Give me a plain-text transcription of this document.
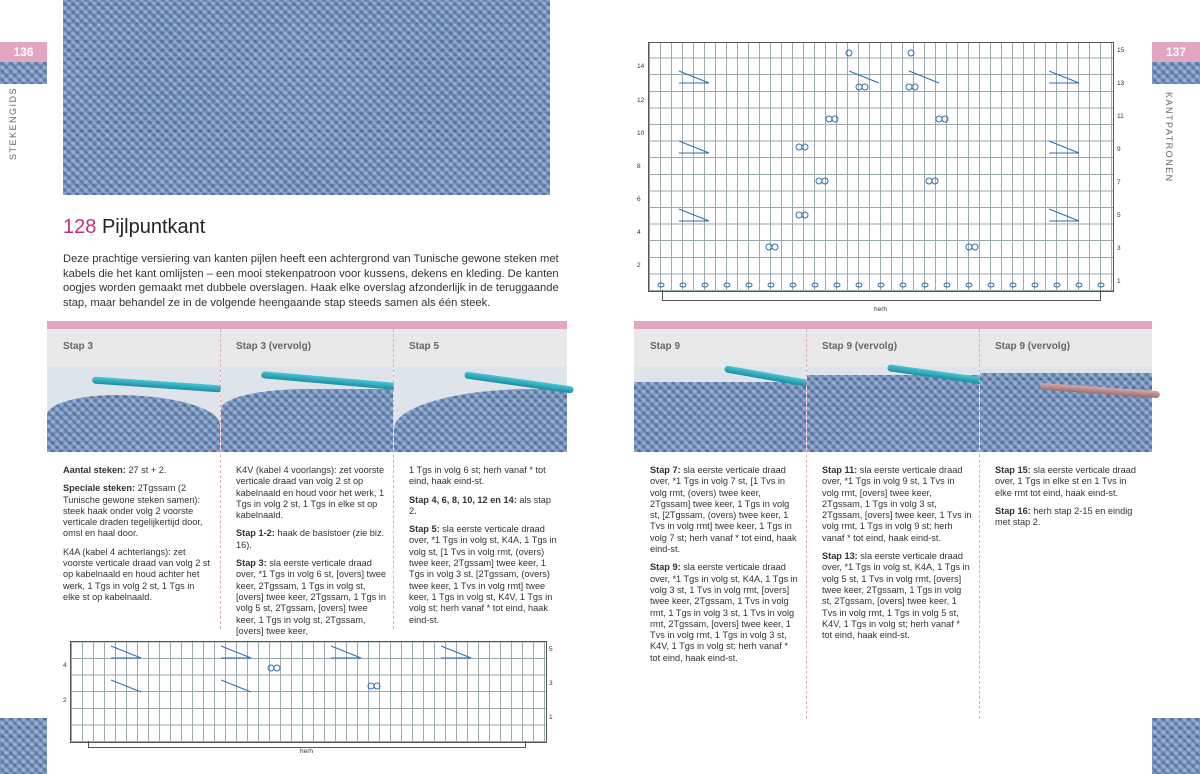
136
STEKENGIDS
128 Pijlpuntkant
Deze prachtige versiering van kanten pijlen heeft een achtergrond van Tunische gewone steken met kabels die het kant omlijsten – een mooi stekenpatroon voor kussens, dekens en kleding. De kanten oogjes worden gemaakt met dubbele overslagen. Haak elke overslag afzonderlijk in de teruggaande stap, maar behandel ze in de volgende heengaande stap steeds samen als één steek.
Stap 3	Stap 3 (vervolg)	Stap 5

Aantal steken: 27 st + 2.

Speciale steken: 2Tgssam (2 Tunische gewone steken samen): steek haak onder volg 2 voorste verticale draden tegelijkertijd door, omsl en haal door.

K4A (kabel 4 achterlangs): zet voorste verticale draad van volg 2 st op kabelnaald en houd achter het werk, 1 Tgs in volg 2 st, 1 Tgs in elke st op kabelnaald.

K4V (kabel 4 voorlangs): zet voorste verticale draad van volg 2 st op kabelnaald en houd voor het werk, 1 Tgs in volg 2 st, 1 Tgs in elke st op kabelnaald.

Stap 1-2: haak de basistoer (zie biz. 16).

Stap 3: sla eerste verticale draad over, *1 Tgs in volg 6 st, [overs] twee keer, 2Tgssam, 1 Tgs in volg st, [overs] twee keer, 2Tgssam, 1 Tgs in volg 5 st, 2Tgssam, [overs] twee keer, 1 Tgs in volg st, 2Tgssam, [overs] twee keer,

1 Tgs in volg 6 st; herh vanaf * tot eind, haak eind-st.

Stap 4, 6, 8, 10, 12 en 14: als stap 2.

Stap 5: sla eerste verticale draad over, *1 Tgs in volg st, K4A, 1 Tgs in volg st, [1 Tvs in volg rmt, (overs) twee keer, 2Tgssam] twee keer, 1 Tgs in volg 3 st, [2Tgssam, (overs) twee keer, 1 Tvs in volg rmt] twee keer, 1 Tgs in volg st, K4V, 1 Tgs in volg st; herh vanaf * tot eind, haak eind-st.

4
2
5
3
1
herh
14
12
10
8
6
4
2
15
13
11
9
7
5
3
1
herh
137
KANTPATRONEN
Stap 9	Stap 9 (vervolg)	Stap 9 (vervolg)

Stap 7: sla eerste verticale draad over, *1 Tgs in volg 7 st, [1 Tvs in volg rmt, (overs) twee keer, 2Tgssam] twee keer, 1 Tgs in volg st, [2Tgssam, (overs) twee keer, 1 Tvs in volg rmt] twee keer, 1 Tgs in volg 7 st; herh vanaf * tot eind, haak eind-st.

Stap 9: sla eerste verticale draad over, *1 Tgs in volg st, K4A, 1 Tgs in volg 3 st, 1 Tvs in volg rmt, [overs] twee keer, 2Tgssam, 1 Tvs in volg rmt, 1 Tgs in volg 3 st, 1 Tvs in volg rmt, 2Tgssam, [overs] twee keer, 1 Tvs in volg rmt, 1 Tgs in volg 3 st, K4V, 1 Tgs in volg st; herh vanaf * tot eind, haak eind-st.

Stap 11: sla eerste verticale draad over, *1 Tgs in volg 9 st, 1 Tvs in volg rmt, [overs] twee keer, 2Tgssam, 1 Tgs in volg 3 st, 2Tgssam, [overs] twee keer, 1 Tvs in volg rmt, 1 Tgs in volg 9 st; herh vanaf * tot eind, haak eind-st.

Stap 13: sla eerste verticale draad over, *1 Tgs in volg st, K4A, 1 Tgs in volg 5 st, 1 Tvs in volg rmt, [overs] twee keer, 2Tgssam, 1 Tgs in volg st, 2Tgssam, [overs] twee keer, 1 Tvs in volg rmt, 1 Tgs in volg 5 st, K4V, 1 Tgs in volg st; herh vanaf * tot eind, haak eind-st.

Stap 15: sla eerste verticale draad over, 1 Tgs in elke st en 1 Tvs in elke rmt tot eind, haak eind-st.

Stap 16: herh stap 2-15 en eindig met stap 2.
